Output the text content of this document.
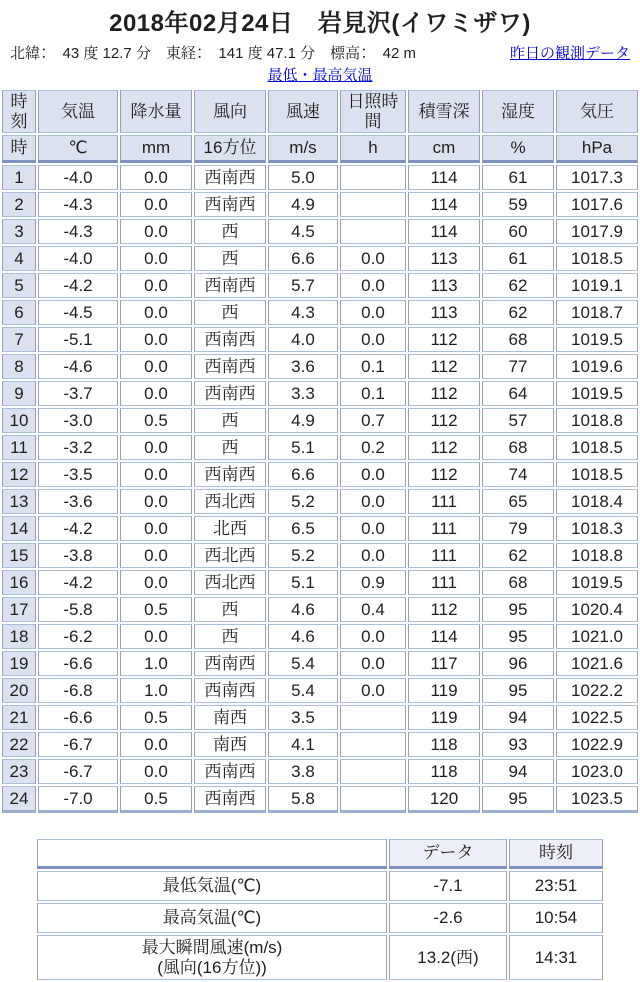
2018年02月24日　岩見沢(イワミザワ)
北緯：　43 度 12.7 分　東経：　141 度 47.1 分　標高：　42 m	昨日の観測データ
最低・最高気温
時刻	気温	降水量	風向	風速	日照時間	積雪深	湿度	気圧
時	℃	mm	16方位	m/s	h	cm	%	hPa
1	-4.0	0.0	西南西	5.0		114	61	1017.3
2	-4.3	0.0	西南西	4.9		114	59	1017.6
3	-4.3	0.0	西	4.5		114	60	1017.9
4	-4.0	0.0	西	6.6	0.0	113	61	1018.5
5	-4.2	0.0	西南西	5.7	0.0	113	62	1019.1
6	-4.5	0.0	西	4.3	0.0	113	62	1018.7
7	-5.1	0.0	西南西	4.0	0.0	112	68	1019.5
8	-4.6	0.0	西南西	3.6	0.1	112	77	1019.6
9	-3.7	0.0	西南西	3.3	0.1	112	64	1019.5
10	-3.0	0.5	西	4.9	0.7	112	57	1018.8
11	-3.2	0.0	西	5.1	0.2	112	68	1018.5
12	-3.5	0.0	西南西	6.6	0.0	112	74	1018.5
13	-3.6	0.0	西北西	5.2	0.0	111	65	1018.4
14	-4.2	0.0	北西	6.5	0.0	111	79	1018.3
15	-3.8	0.0	西北西	5.2	0.0	111	62	1018.8
16	-4.2	0.0	西北西	5.1	0.9	111	68	1019.5
17	-5.8	0.5	西	4.6	0.4	112	95	1020.4
18	-6.2	0.0	西	4.6	0.0	114	95	1021.0
19	-6.6	1.0	西南西	5.4	0.0	117	96	1021.6
20	-6.8	1.0	西南西	5.4	0.0	119	95	1022.2
21	-6.6	0.5	南西	3.5		119	94	1022.5
22	-6.7	0.0	南西	4.1		118	93	1022.9
23	-6.7	0.0	西南西	3.8		118	94	1023.0
24	-7.0	0.5	西南西	5.8		120	95	1023.5
	データ	時刻

最低気温(℃)	-7.1	23:51

最高気温(℃)	-2.6	10:54

最大瞬間風速(m/s)
(風向(16方位))	13.2(西)	14:31
